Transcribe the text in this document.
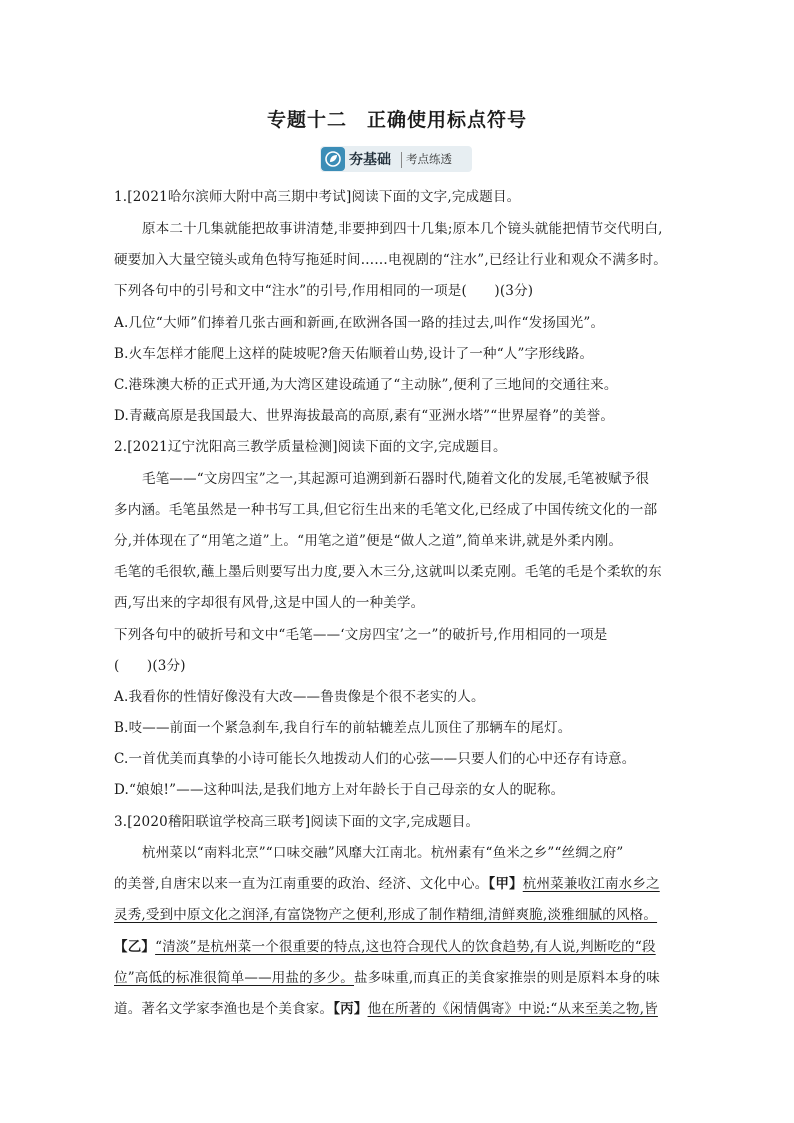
专题十二　正确使用标点符号
夯基础	考点练透
1.[2021哈尔滨师大附中高三期中考试]阅读下面的文字,完成题目。
原本二十几集就能把故事讲清楚,非要抻到四十几集;原本几个镜头就能把情节交代明白,
硬要加入大量空镜头或角色特写拖延时间……电视剧的“注水”,已经让行业和观众不满多时。
下列各句中的引号和文中“注水”的引号,作用相同的一项是(　　)(3分)
A.几位“大师”们捧着几张古画和新画,在欧洲各国一路的挂过去,叫作“发扬国光”。
B.火车怎样才能爬上这样的陡坡呢?詹天佑顺着山势,设计了一种“人”字形线路。
C.港珠澳大桥的正式开通,为大湾区建设疏通了“主动脉”,便利了三地间的交通往来。
D.青藏高原是我国最大、世界海拔最高的高原,素有“亚洲水塔”“世界屋脊”的美誉。
2.[2021辽宁沈阳高三教学质量检测]阅读下面的文字,完成题目。
毛笔——“文房四宝”之一,其起源可追溯到新石器时代,随着文化的发展,毛笔被赋予很
多内涵。毛笔虽然是一种书写工具,但它衍生出来的毛笔文化,已经成了中国传统文化的一部
分,并体现在了“用笔之道”上。“用笔之道”便是“做人之道”,简单来讲,就是外柔内刚。
毛笔的毛很软,蘸上墨后则要写出力度,要入木三分,这就叫以柔克刚。毛笔的毛是个柔软的东
西,写出来的字却很有风骨,这是中国人的一种美学。
下列各句中的破折号和文中“毛笔——‘文房四宝’之一”的破折号,作用相同的一项是
(　　)(3分)
A.我看你的性情好像没有大改——鲁贵像是个很不老实的人。
B.吱——前面一个紧急刹车,我自行车的前轱辘差点儿顶住了那辆车的尾灯。
C.一首优美而真挚的小诗可能长久地拨动人们的心弦——只要人们的心中还存有诗意。
D.“娘娘!”——这种叫法,是我们地方上对年龄长于自己母亲的女人的昵称。
3.[2020稽阳联谊学校高三联考]阅读下面的文字,完成题目。
杭州菜以“南料北烹”“口味交融”风靡大江南北。杭州素有“鱼米之乡”“丝绸之府”
的美誉,自唐宋以来一直为江南重要的政治、经济、文化中心。【甲】杭州菜兼收江南水乡之
灵秀,受到中原文化之润泽,有富饶物产之便利,形成了制作精细,清鲜爽脆,淡雅细腻的风格。
【乙】“清淡”是杭州菜一个很重要的特点,这也符合现代人的饮食趋势,有人说,判断吃的“段
位”高低的标准很简单——用盐的多少。盐多味重,而真正的美食家推崇的则是原料本身的味
道。著名文学家李渔也是个美食家。【丙】他在所著的《闲情偶寄》中说:“从来至美之物,皆
